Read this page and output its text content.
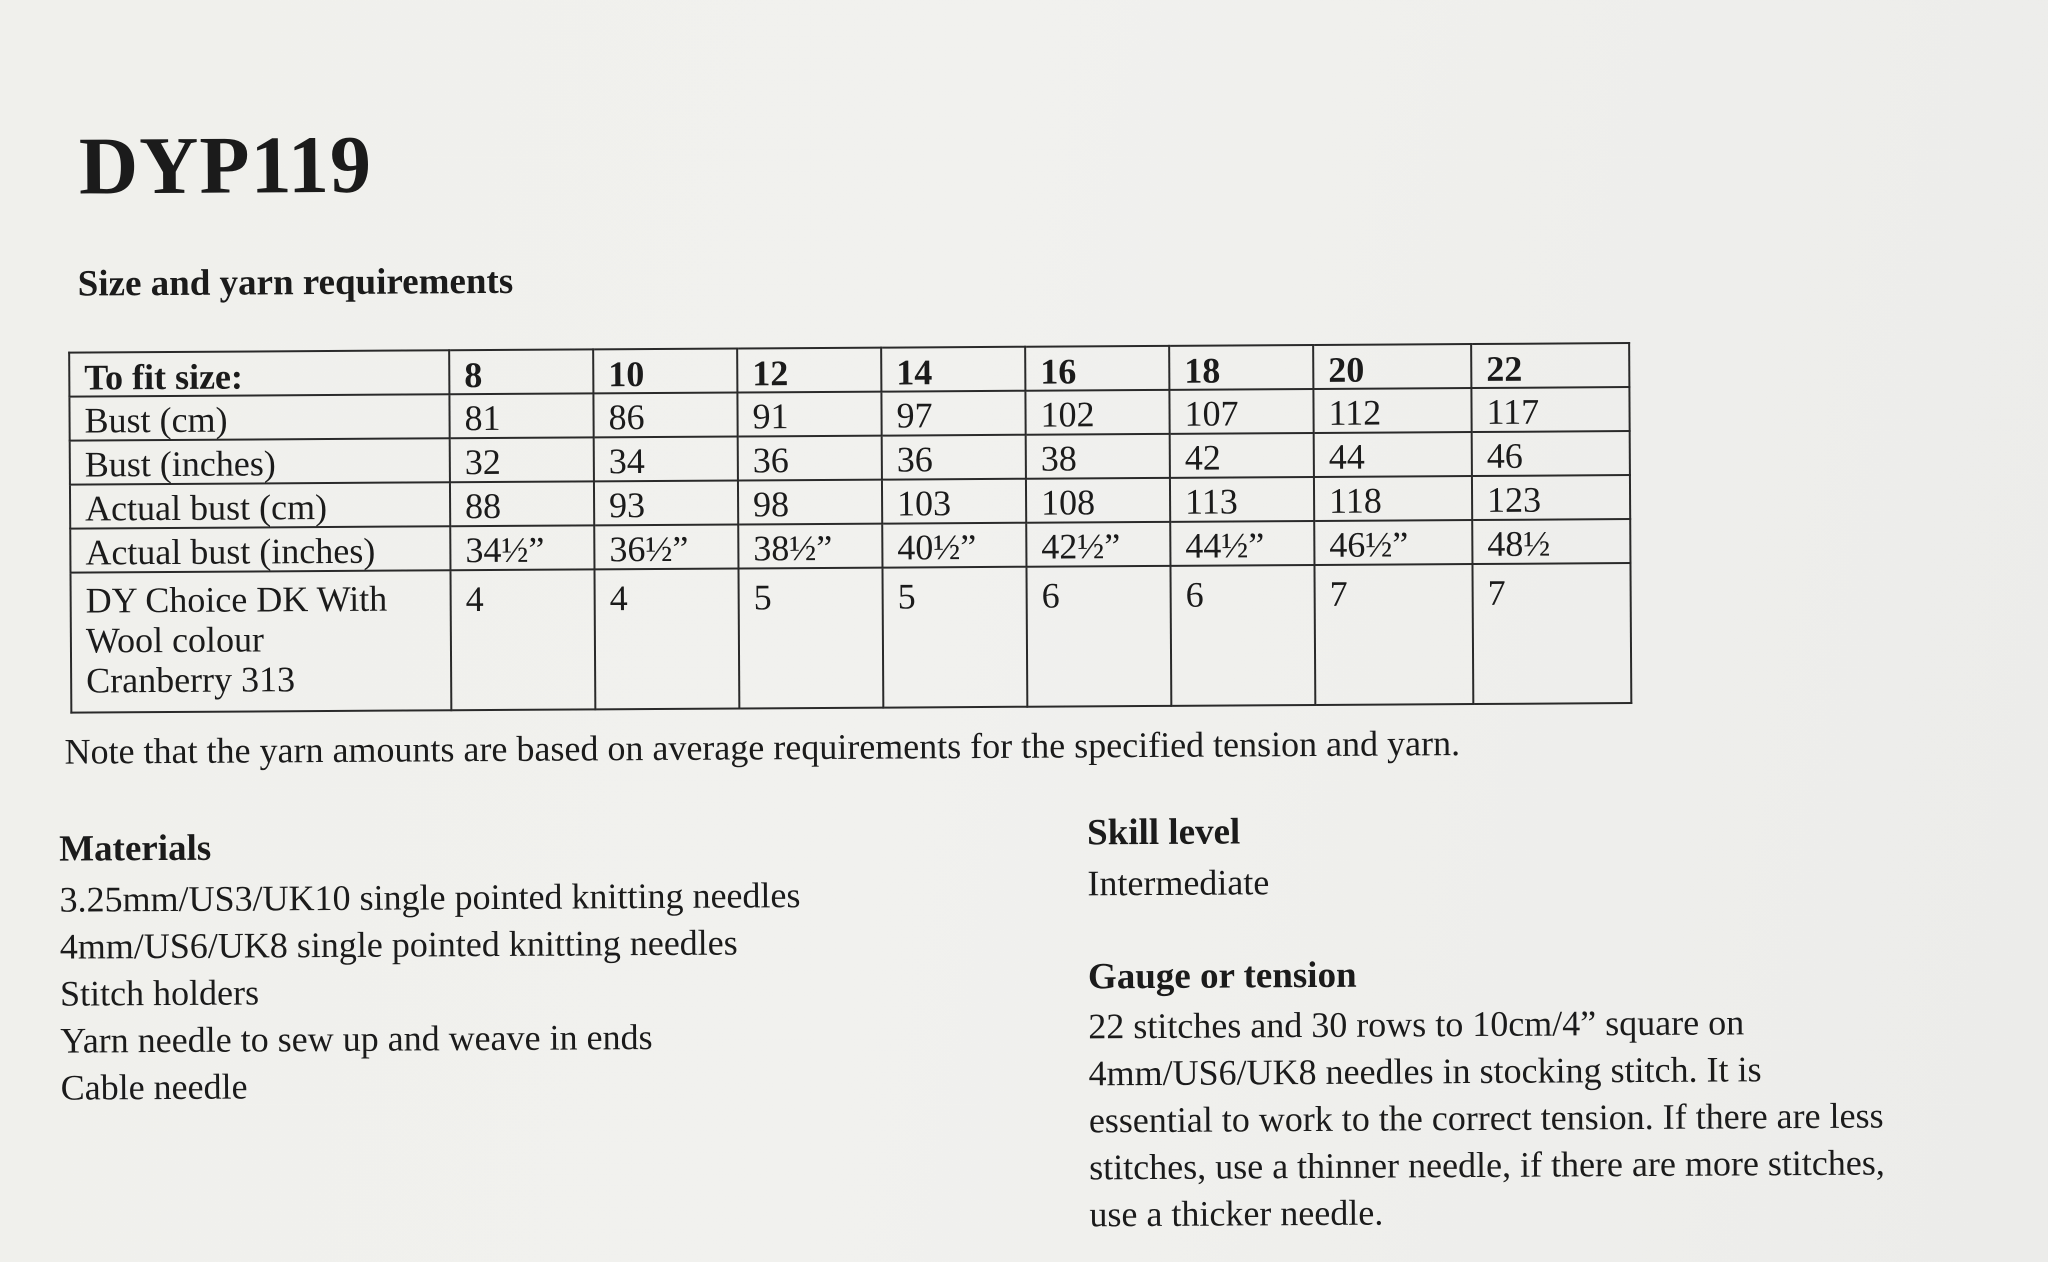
DYP119
Size and yarn requirements
To fit size:	8	10	12	14	16	18	20	22
Bust (cm)	81	86	91	97	102	107	112	117
Bust (inches)	32	34	36	36	38	42	44	46
Actual bust (cm)	88	93	98	103	108	113	118	123
Actual bust (inches)	34½”	36½”	38½”	40½”	42½”	44½”	46½”	48½

DY Choice DK With
Wool colour
Cranberry 313	4	4	5	5	6	6	7	7

Note that the yarn amounts are based on average requirements for the specified tension and yarn.

Materials

3.25mm/US3/UK10 single pointed knitting needles

4mm/US6/UK8 single pointed knitting needles

Stitch holders

Yarn needle to sew up and weave in ends

Cable needle

Skill level

Intermediate

Gauge or tension

22 stitches and 30 rows to 10cm/4” square on

4mm/US6/UK8 needles in stocking stitch. It is

essential to work to the correct tension. If there are less

stitches, use a thinner needle, if there are more stitches,

use a thicker needle.
